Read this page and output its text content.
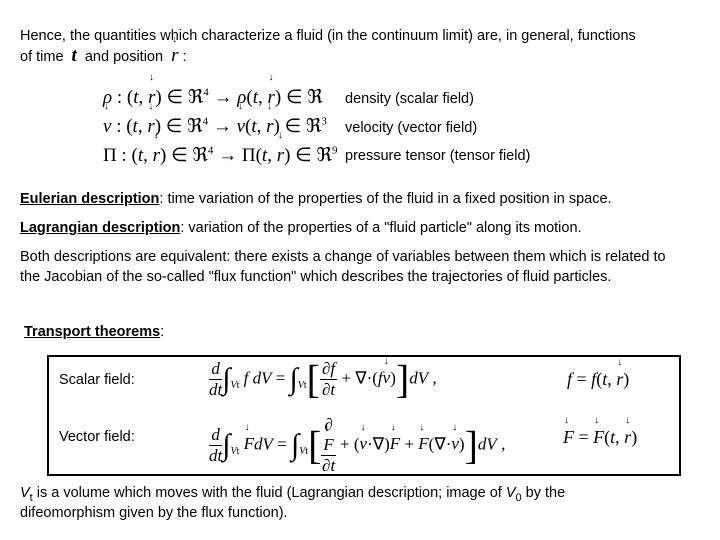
Hence, the quantities which characterize a fluid (in the continuum limit) are, in general, functions
of time t and position ↓ r :
ρ : (t, ↓ r) ∈ ℜ$^4$ → ρ(t, ↓ r) ∈ ℜ density (scalar field)
↓ v : (t, ↓ r) ∈ ℜ$^4$ → ↓ v(t, ↓ r) ∈ ℜ$^3$ velocity (vector field)
Π : (t, ↓ r) ∈ ℜ$^4$ → Π(t, ↓ r) ∈ ℜ$^9$ pressure tensor (tensor field)
Eulerian description: time variation of the properties of the fluid in a fixed position in space.
Lagrangian description: variation of the properties of a "fluid particle" along its motion.
Both descriptions are equivalent: there exists a change of variables between them which is related to the Jacobian of the so-called "flux function" which describes the trajectories of fluid particles.
Transport theorems:
Scalar field:	$\frac{d}{dt} \int_{Vt}$ f dV = $\int_{Vt}[ \frac{\partial f}{\partial t}$ + ∇·(f↓ v)]dV ,	f = f(t, ↓ r)
Vector field:	$\frac{d}{dt} \int_{Vt}$ ↓ FdV = $\int_{Vt}$[ ∂
↓ F
∂t + (↓ v·∇)↓ F + ↓ F(∇·↓ v)]dV ,	↓ F = ↓ F(t, ↓ r)
$V_t$ is a volume which moves with the fluid (Lagrangian description; image of $V_0$ by the
difeomorphism given by the flux function).
